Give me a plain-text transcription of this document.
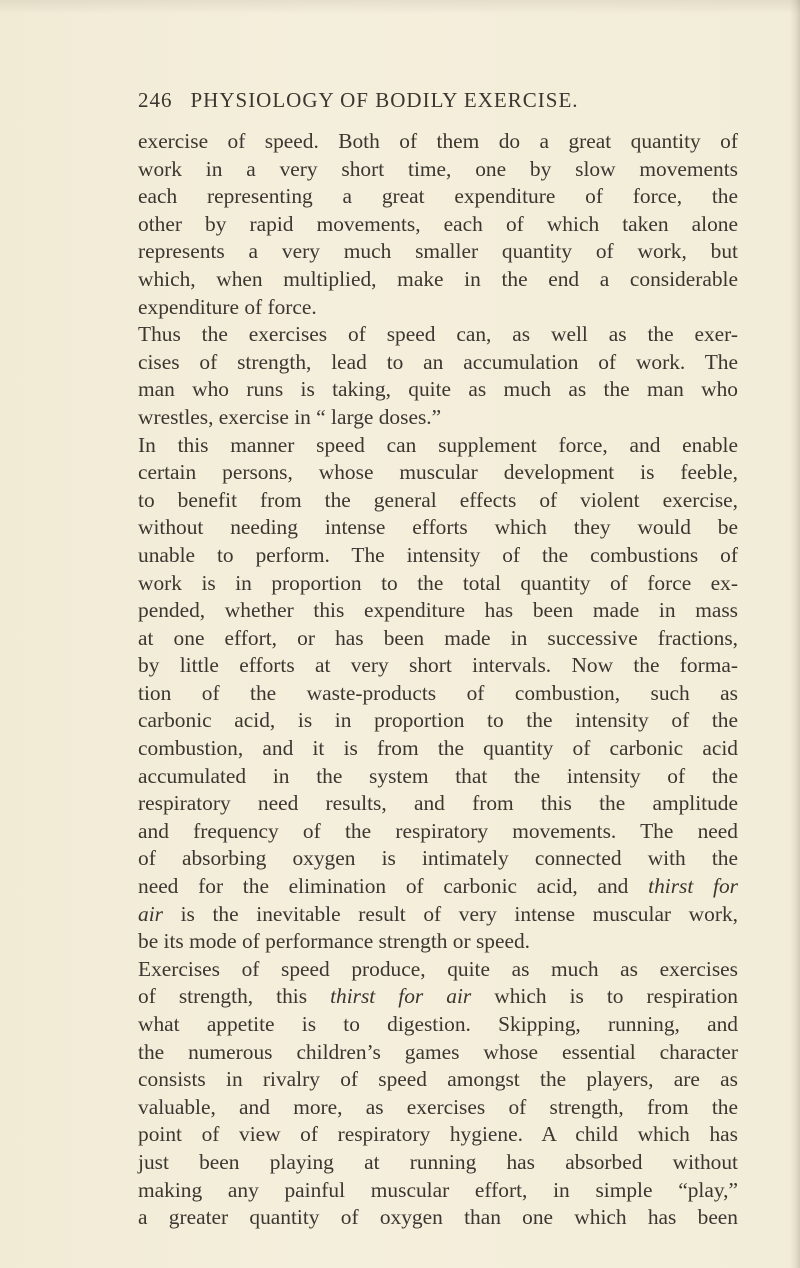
246 PHYSIOLOGY OF BODILY EXERCISE.
exercise of speed. Both of them do a great quantity of
work in a very short time, one by slow movements
each representing a great expenditure of force, the
other by rapid movements, each of which taken alone
represents a very much smaller quantity of work, but
which, when multiplied, make in the end a considerable
expenditure of force.
Thus the exercises of speed can, as well as the exer-
cises of strength, lead to an accumulation of work. The
man who runs is taking, quite as much as the man who
wrestles, exercise in “ large doses.”
In this manner speed can supplement force, and enable
certain persons, whose muscular development is feeble,
to benefit from the general effects of violent exercise,
without needing intense efforts which they would be
unable to perform. The intensity of the combustions of
work is in proportion to the total quantity of force ex-
pended, whether this expenditure has been made in mass
at one effort, or has been made in successive fractions,
by little efforts at very short intervals. Now the forma-
tion of the waste-products of combustion, such as
carbonic acid, is in proportion to the intensity of the
combustion, and it is from the quantity of carbonic acid
accumulated in the system that the intensity of the
respiratory need results, and from this the amplitude
and frequency of the respiratory movements. The need
of absorbing oxygen is intimately connected with the
need for the elimination of carbonic acid, and thirst for
air is the inevitable result of very intense muscular work,
be its mode of performance strength or speed.
Exercises of speed produce, quite as much as exercises
of strength, this thirst for air which is to respiration
what appetite is to digestion. Skipping, running, and
the numerous children’s games whose essential character
consists in rivalry of speed amongst the players, are as
valuable, and more, as exercises of strength, from the
point of view of respiratory hygiene. A child which has
just been playing at running has absorbed without
making any painful muscular effort, in simple “play,”
a greater quantity of oxygen than one which has been
